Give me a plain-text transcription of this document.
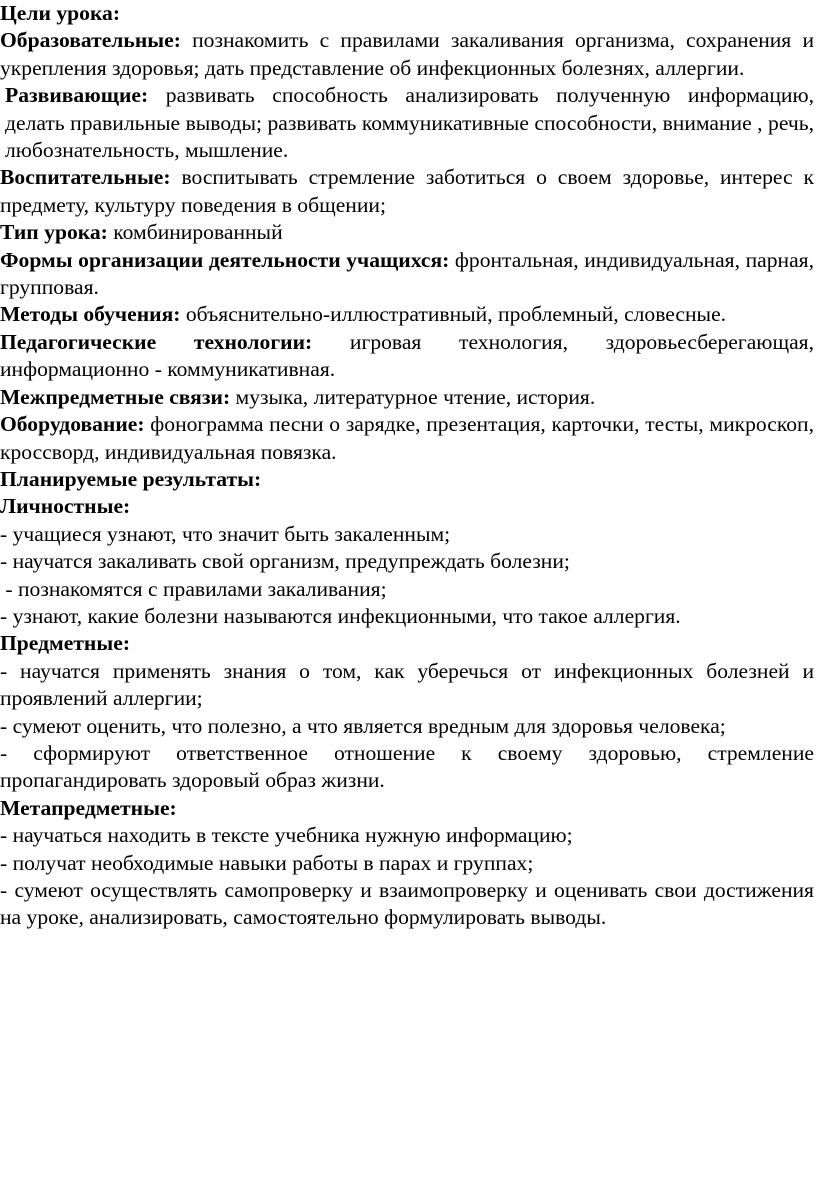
Цели урока:

Образовательные: познакомить с правилами закаливания организма, сохранения и укрепления здоровья; дать представление об инфекционных болезнях, аллергии.

Развивающие: развивать способность анализировать полученную информацию, делать правильные выводы; развивать коммуникативные способности, внимание , речь, любознательность, мышление.

Воспитательные: воспитывать стремление заботиться о своем здоровье, интерес к предмету, культуру поведения в общении;

Тип урока: комбинированный

Формы организации деятельности учащихся: фронтальная, индивидуальная, парная, групповая.

Методы обучения: объяснительно-иллюстративный, проблемный, словесные.

Педагогические технологии: игровая технология, здоровьесберегающая, информационно - коммуникативная.

Межпредметные связи: музыка, литературное чтение, история.

Оборудование: фонограмма песни о зарядке, презентация, карточки, тесты, микроскоп, кроссворд, индивидуальная повязка.

Планируемые результаты:

Личностные:

- учащиеся узнают, что значит быть закаленным;

- научатся закаливать свой организм, предупреждать болезни;

- познакомятся с правилами закаливания;

- узнают, какие болезни называются инфекционными, что такое аллергия.

Предметные:

- научатся применять знания о том, как уберечься от инфекционных болезней и проявлений аллергии;

- сумеют оценить, что полезно, а что является вредным для здоровья человека;

- сформируют ответственное отношение к своему здоровью, стремление пропагандировать здоровый образ жизни.

Метапредметные:

- научаться находить в тексте учебника нужную информацию;

- получат необходимые навыки работы в парах и группах;

- сумеют осуществлять самопроверку и взаимопроверку и оценивать свои достижения на уроке, анализировать, самостоятельно формулировать выводы.
